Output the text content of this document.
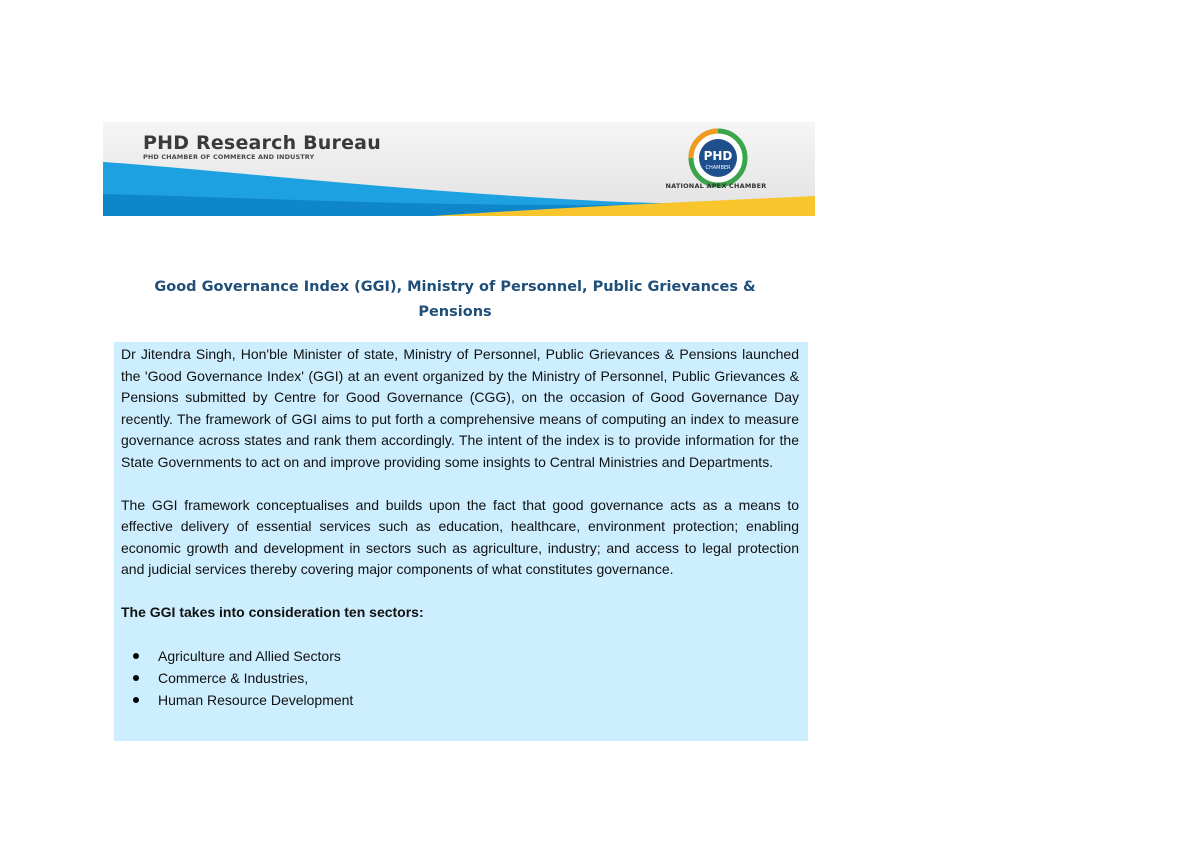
PHD Research Bureau
PHD CHAMBER OF COMMERCE AND INDUSTRY	PHD
CHAMBER
NATIONAL APEX CHAMBER
Good Governance Index (GGI), Ministry of Personnel, Public Grievances & Pensions

Dr Jitendra Singh, Hon'ble Minister of state, Ministry of Personnel, Public Grievances & Pensions launched the 'Good Governance Index' (GGI) at an event organized by the Ministry of Personnel, Public Grievances & Pensions submitted by Centre for Good Governance (CGG), on the occasion of Good Governance Day recently. The framework of GGI aims to put forth a comprehensive means of computing an index to measure governance across states and rank them accordingly. The intent of the index is to provide information for the State Governments to act on and improve providing some insights to Central Ministries and Departments.

The GGI framework conceptualises and builds upon the fact that good governance acts as a means to effective delivery of essential services such as education, healthcare, environment protection; enabling economic growth and development in sectors such as agriculture, industry; and access to legal protection and judicial services thereby covering major components of what constitutes governance.

The GGI takes into consideration ten sectors:
Agriculture and Allied Sectors
Commerce & Industries,
Human Resource Development
